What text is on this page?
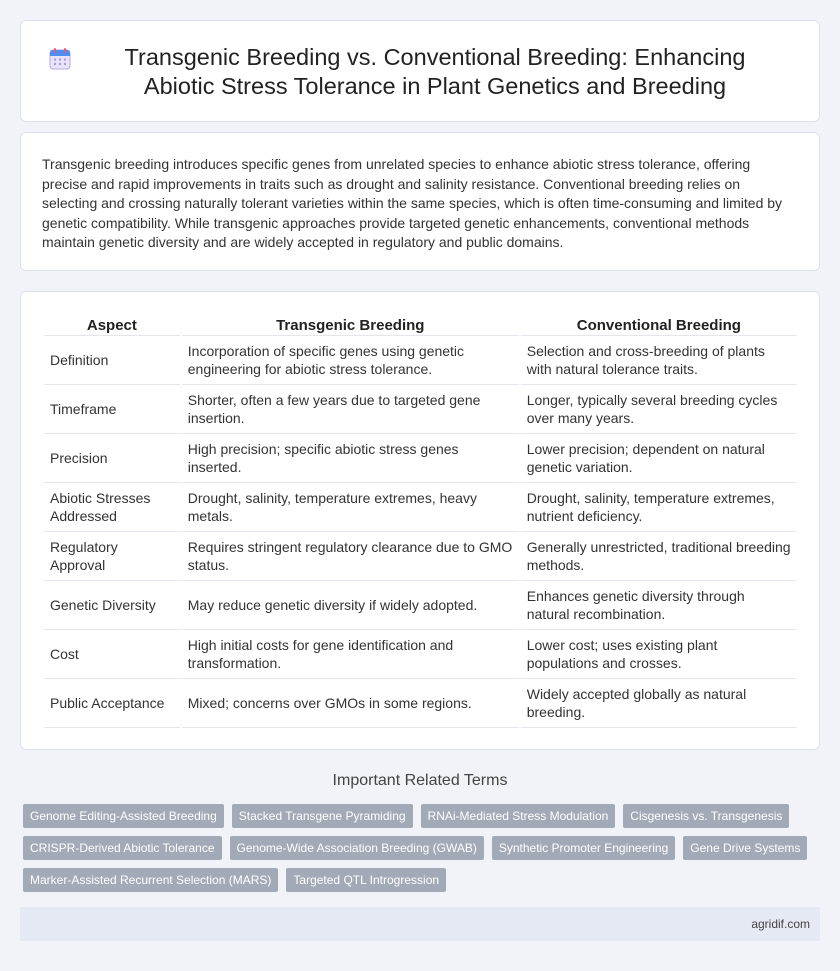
Transgenic Breeding vs. Conventional Breeding: Enhancing Abiotic Stress Tolerance in Plant Genetics and Breeding

Transgenic breeding introduces specific genes from unrelated species to enhance abiotic stress tolerance, offering precise and rapid improvements in traits such as drought and salinity resistance. Conventional breeding relies on selecting and crossing naturally tolerant varieties within the same species, which is often time-consuming and limited by genetic compatibility. While transgenic approaches provide targeted genetic enhancements, conventional methods maintain genetic diversity and are widely accepted in regulatory and public domains.

Aspect	Transgenic Breeding	Conventional Breeding
Definition	Incorporation of specific genes using genetic engineering for abiotic stress tolerance.	Selection and cross-breeding of plants with natural tolerance traits.
Timeframe	Shorter, often a few years due to targeted gene insertion.	Longer, typically several breeding cycles over many years.
Precision	High precision; specific abiotic stress genes inserted.	Lower precision; dependent on natural genetic variation.
Abiotic Stresses Addressed	Drought, salinity, temperature extremes, heavy metals.	Drought, salinity, temperature extremes, nutrient deficiency.
Regulatory Approval	Requires stringent regulatory clearance due to GMO status.	Generally unrestricted, traditional breeding methods.
Genetic Diversity	May reduce genetic diversity if widely adopted.	Enhances genetic diversity through natural recombination.
Cost	High initial costs for gene identification and transformation.	Lower cost; uses existing plant populations and crosses.
Public Acceptance	Mixed; concerns over GMOs in some regions.	Widely accepted globally as natural breeding.
Important Related Terms
Genome Editing-Assisted Breeding	Stacked Transgene Pyramiding	RNAi-Mediated Stress Modulation	Cisgenesis vs. Transgenesis
CRISPR-Derived Abiotic Tolerance	Genome-Wide Association Breeding (GWAB)	Synthetic Promoter Engineering	Gene Drive Systems
Marker-Assisted Recurrent Selection (MARS)	Targeted QTL Introgression
agridif.com
